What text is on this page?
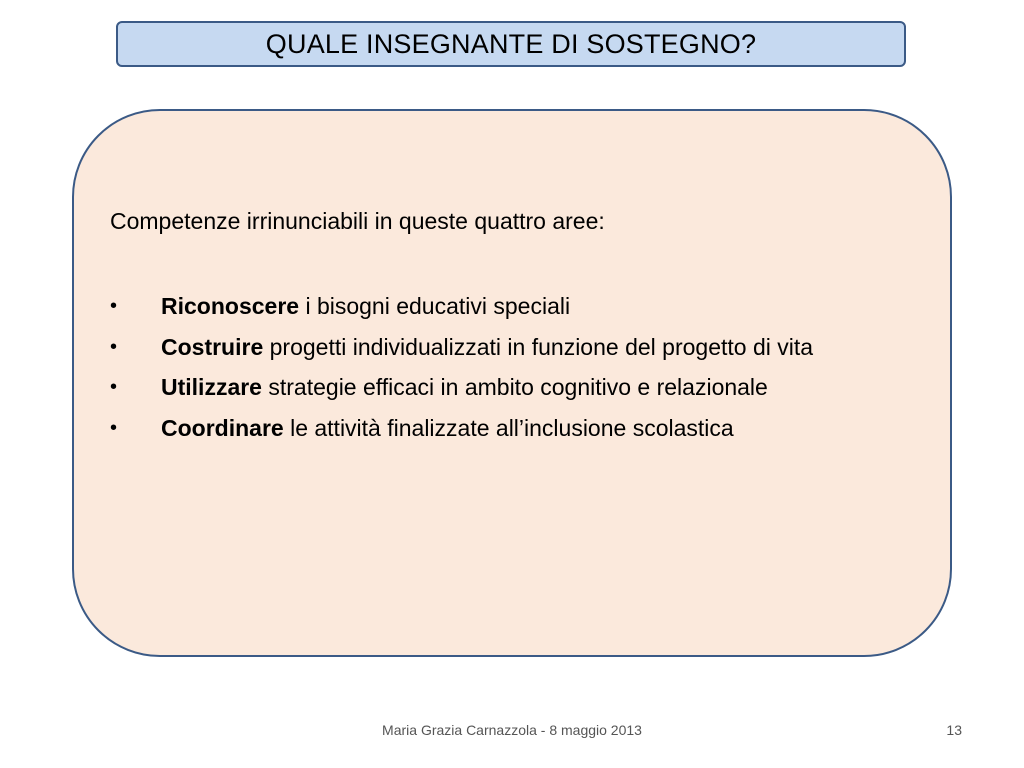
QUALE INSEGNANTE DI SOSTEGNO?
Competenze irrinunciabili in queste quattro aree:
•	Riconoscere i bisogni educativi speciali
•	Costruire progetti individualizzati in funzione del progetto di vita
•	Utilizzare strategie efficaci in ambito cognitivo e relazionale
•	Coordinare le attività finalizzate all’inclusione scolastica
Maria Grazia Carnazzola - 8 maggio 2013	13
